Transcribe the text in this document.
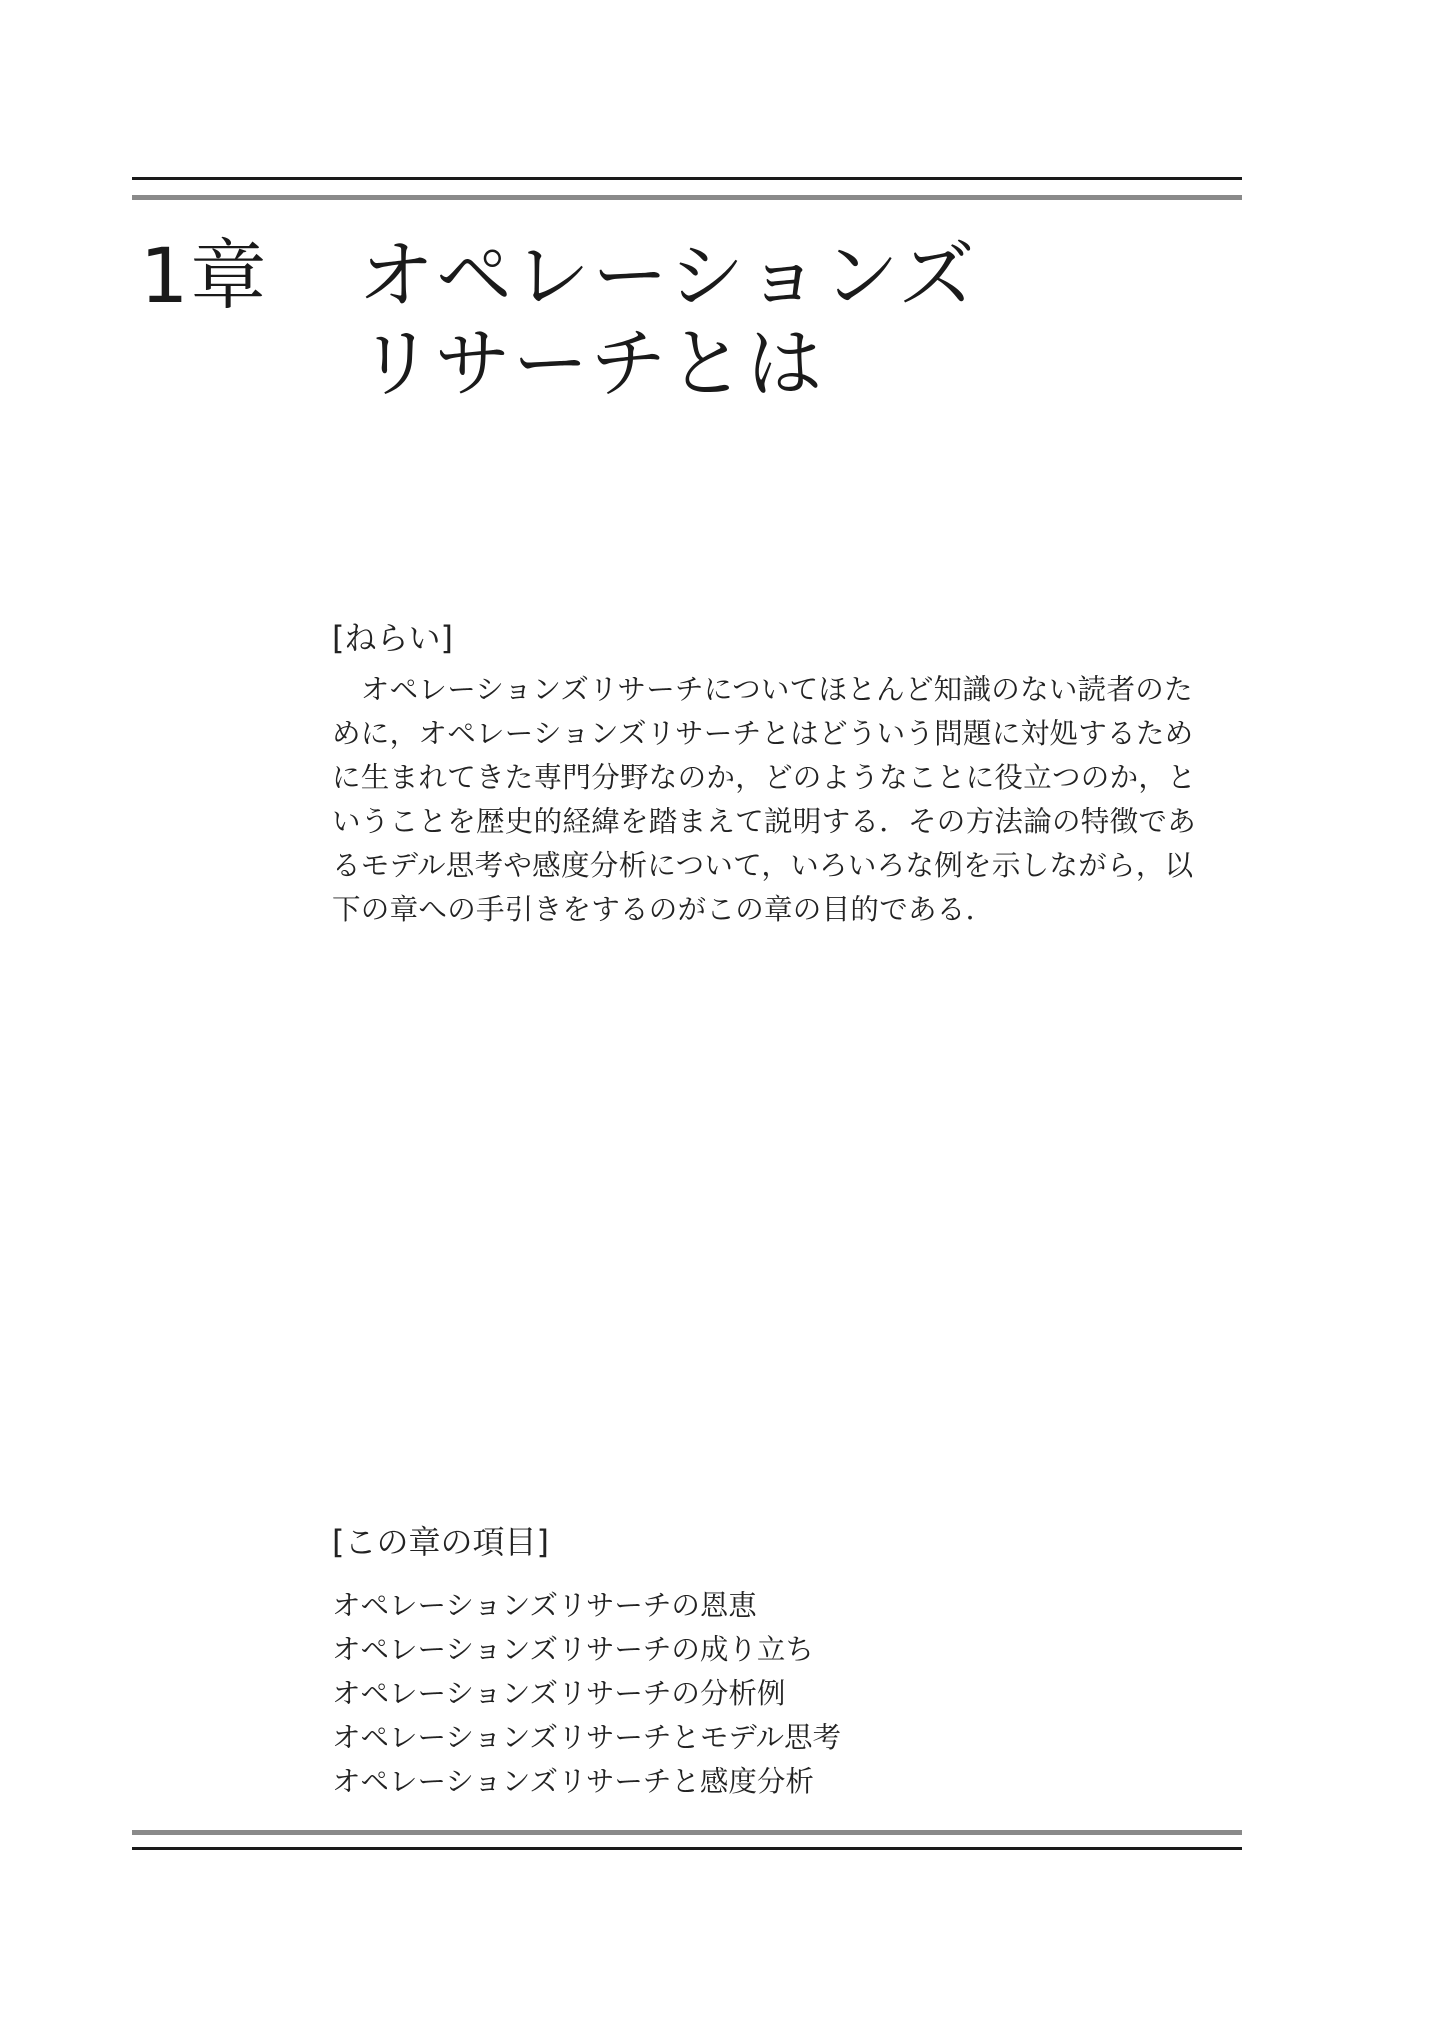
1章 オペレーションズ
リサーチとは
[ねらい]

　オペレーションズリサーチについてほとんど知識のない読者のた
めに，オペレーションズリサーチとはどういう問題に対処するため
に生まれてきた専門分野なのか，どのようなことに役立つのか，と
いうことを歴史的経緯を踏まえて説明する．その方法論の特徴であ
るモデル思考や感度分析について，いろいろな例を示しながら，以
下の章への手引きをするのがこの章の目的である．

[この章の項目]
オペレーションズリサーチの恩恵
オペレーションズリサーチの成り立ち
オペレーションズリサーチの分析例
オペレーションズリサーチとモデル思考
オペレーションズリサーチと感度分析
